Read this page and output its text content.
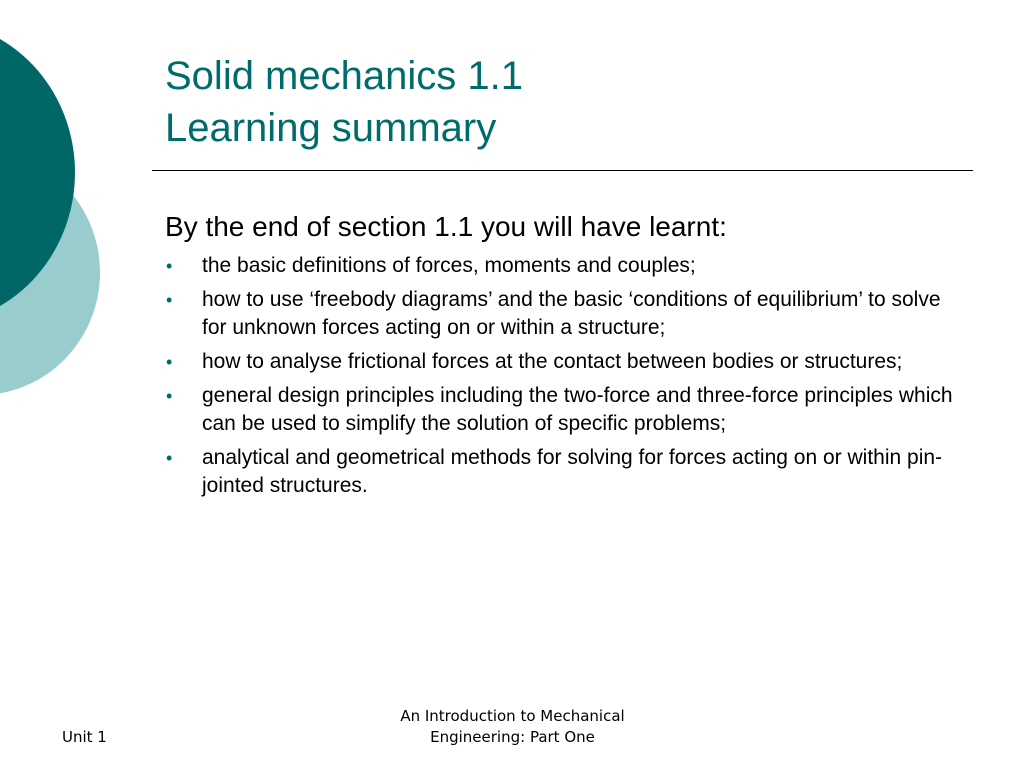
Solid mechanics 1.1
Learning summary

By the end of section 1.1 you will have learnt:

• the basic definitions of forces, moments and couples;
• how to use ‘freebody diagrams’ and the basic ‘conditions of equilibrium’ to solve for unknown forces acting on or within a structure;
• how to analyse frictional forces at the contact between bodies or structures;
• general design principles including the two-force and three-force principles which can be used to simplify the solution of specific problems;
• analytical and geometrical methods for solving for forces acting on or within pin-jointed structures.
Unit 1
An Introduction to Mechanical
Engineering: Part One
